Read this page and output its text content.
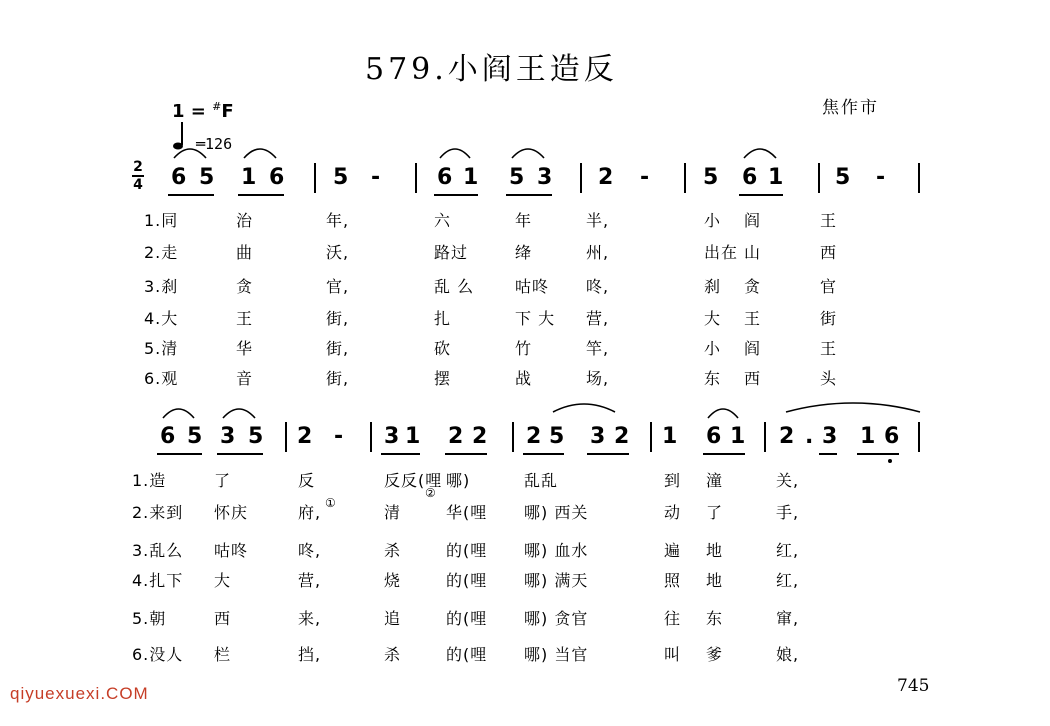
579.小阎王造反
焦作市
1 = #F
═126
2
4 6 5 1 6 5 -	6 1 5 3 2 - 5 6 1 5 -
6 5 3 5 2 - 3 1 2 2 2 5 3 2 1 6 1 2 . 3 1 6
1.同	治	年,	六	年	半,	小 阎	王
2.走	曲	沃,	路过	绛	州,	出在 山	西
3.刹	贪	官,	乱 么	咕咚 咚,	刹 贪	官
4.大	王	街,	扎	下 大 营,	大 王	街
5.清	华	街,	砍	竹	竿,	小 阎	王
6.观	音	街,	摆	战	场,	东 西	头
1.造	了	反	反反(哩 哪)	乱乱	到 潼	关,
2.来到 怀庆	府,	清	华(哩 哪) 西关	动 了	手,
3.乱么 咕咚	咚,	杀	的(哩 哪) 血水	遍 地	红,
4.扎下 大	营,	烧	的(哩 哪) 满天	照 地	红,
5.朝	西	来,	追	的(哩 哪) 贪官	往 东	窜,
6.没人 栏	挡,	杀	的(哩 哪) 当官	叫 爹	娘,
①
②
745
qiyuexuexi.COM
